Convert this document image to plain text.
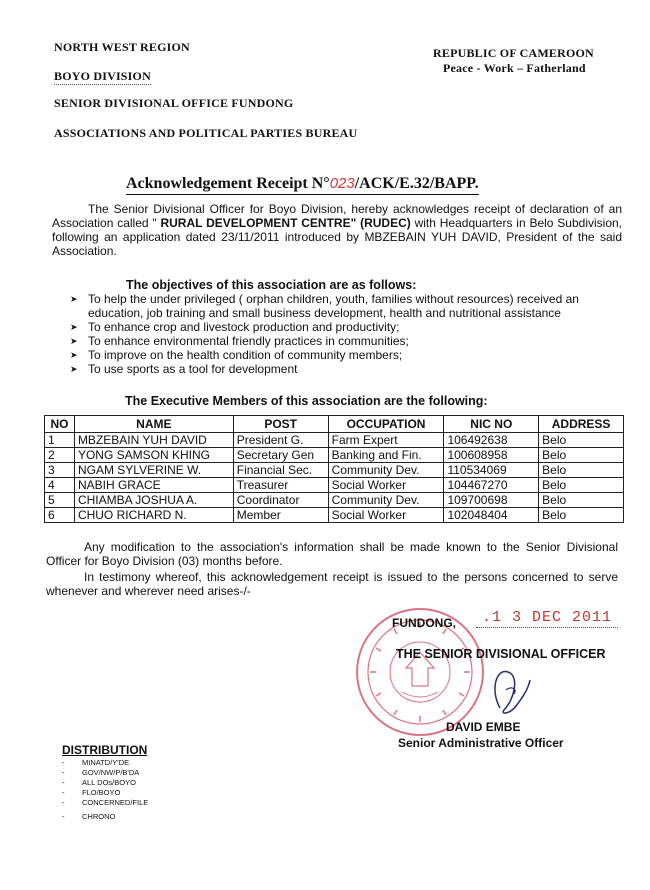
NORTH WEST REGION
BOYO DIVISION
SENIOR DIVISIONAL OFFICE FUNDONG
ASSOCIATIONS AND POLITICAL PARTIES BUREAU
REPUBLIC OF CAMEROON
Peace - Work – Fatherland
Acknowledgement Receipt N°023/ACK/E.32/BAPP.
The Senior Divisional Officer for Boyo Division, hereby acknowledges receipt of declaration of an Association called " RURAL DEVELOPMENT CENTRE" (RUDEC) with Headquarters in Belo Subdivision, following an application dated 23/11/2011 introduced by MBZEBAIN YUH DAVID, President of the said Association.
The objectives of this association are as follows:
➤ To help the under privileged ( orphan children, youth, families without resources) received an education, job training and small business development, health and nutritional assistance
➤ To enhance crop and livestock production and productivity;
➤ To enhance environmental friendly practices in communities;
➤ To improve on the health condition of community members;
➤ To use sports as a tool for development
The Executive Members of this association are the following:
NO	NAME	POST	OCCUPATION	NIC NO	ADDRESS
1	MBZEBAIN YUH DAVID	President G.	Farm Expert	106492638	Belo
2	YONG SAMSON KHING	Secretary Gen	Banking and Fin.	100608958	Belo
3	NGAM SYLVERINE W.	Financial Sec.	Community Dev.	110534069	Belo
4	NABIH GRACE	Treasurer	Social Worker	104467270	Belo
5	CHIAMBA JOSHUA A.	Coordinator	Community Dev.	109700698	Belo
6	CHUO RICHARD N.	Member	Social Worker	102048404	Belo
Any modification to the association's information shall be made known to the Senior Divisional Officer for Boyo Division (03) months before.
In testimony whereof, this acknowledgement receipt is issued to the persons concerned to serve whenever and wherever need arises-/-
FUNDONG,	.1 3 DEC 2011
THE SENIOR DIVISIONAL OFFICER
DAVID EMBE
Senior Administrative Officer
DISTRIBUTION
- MINATD/Y'DE
- GOV/NW/P/B'DA
- ALL DOs/BOYO
- FLO/BOYO
- CONCERNED/FILE
- CHRONO
